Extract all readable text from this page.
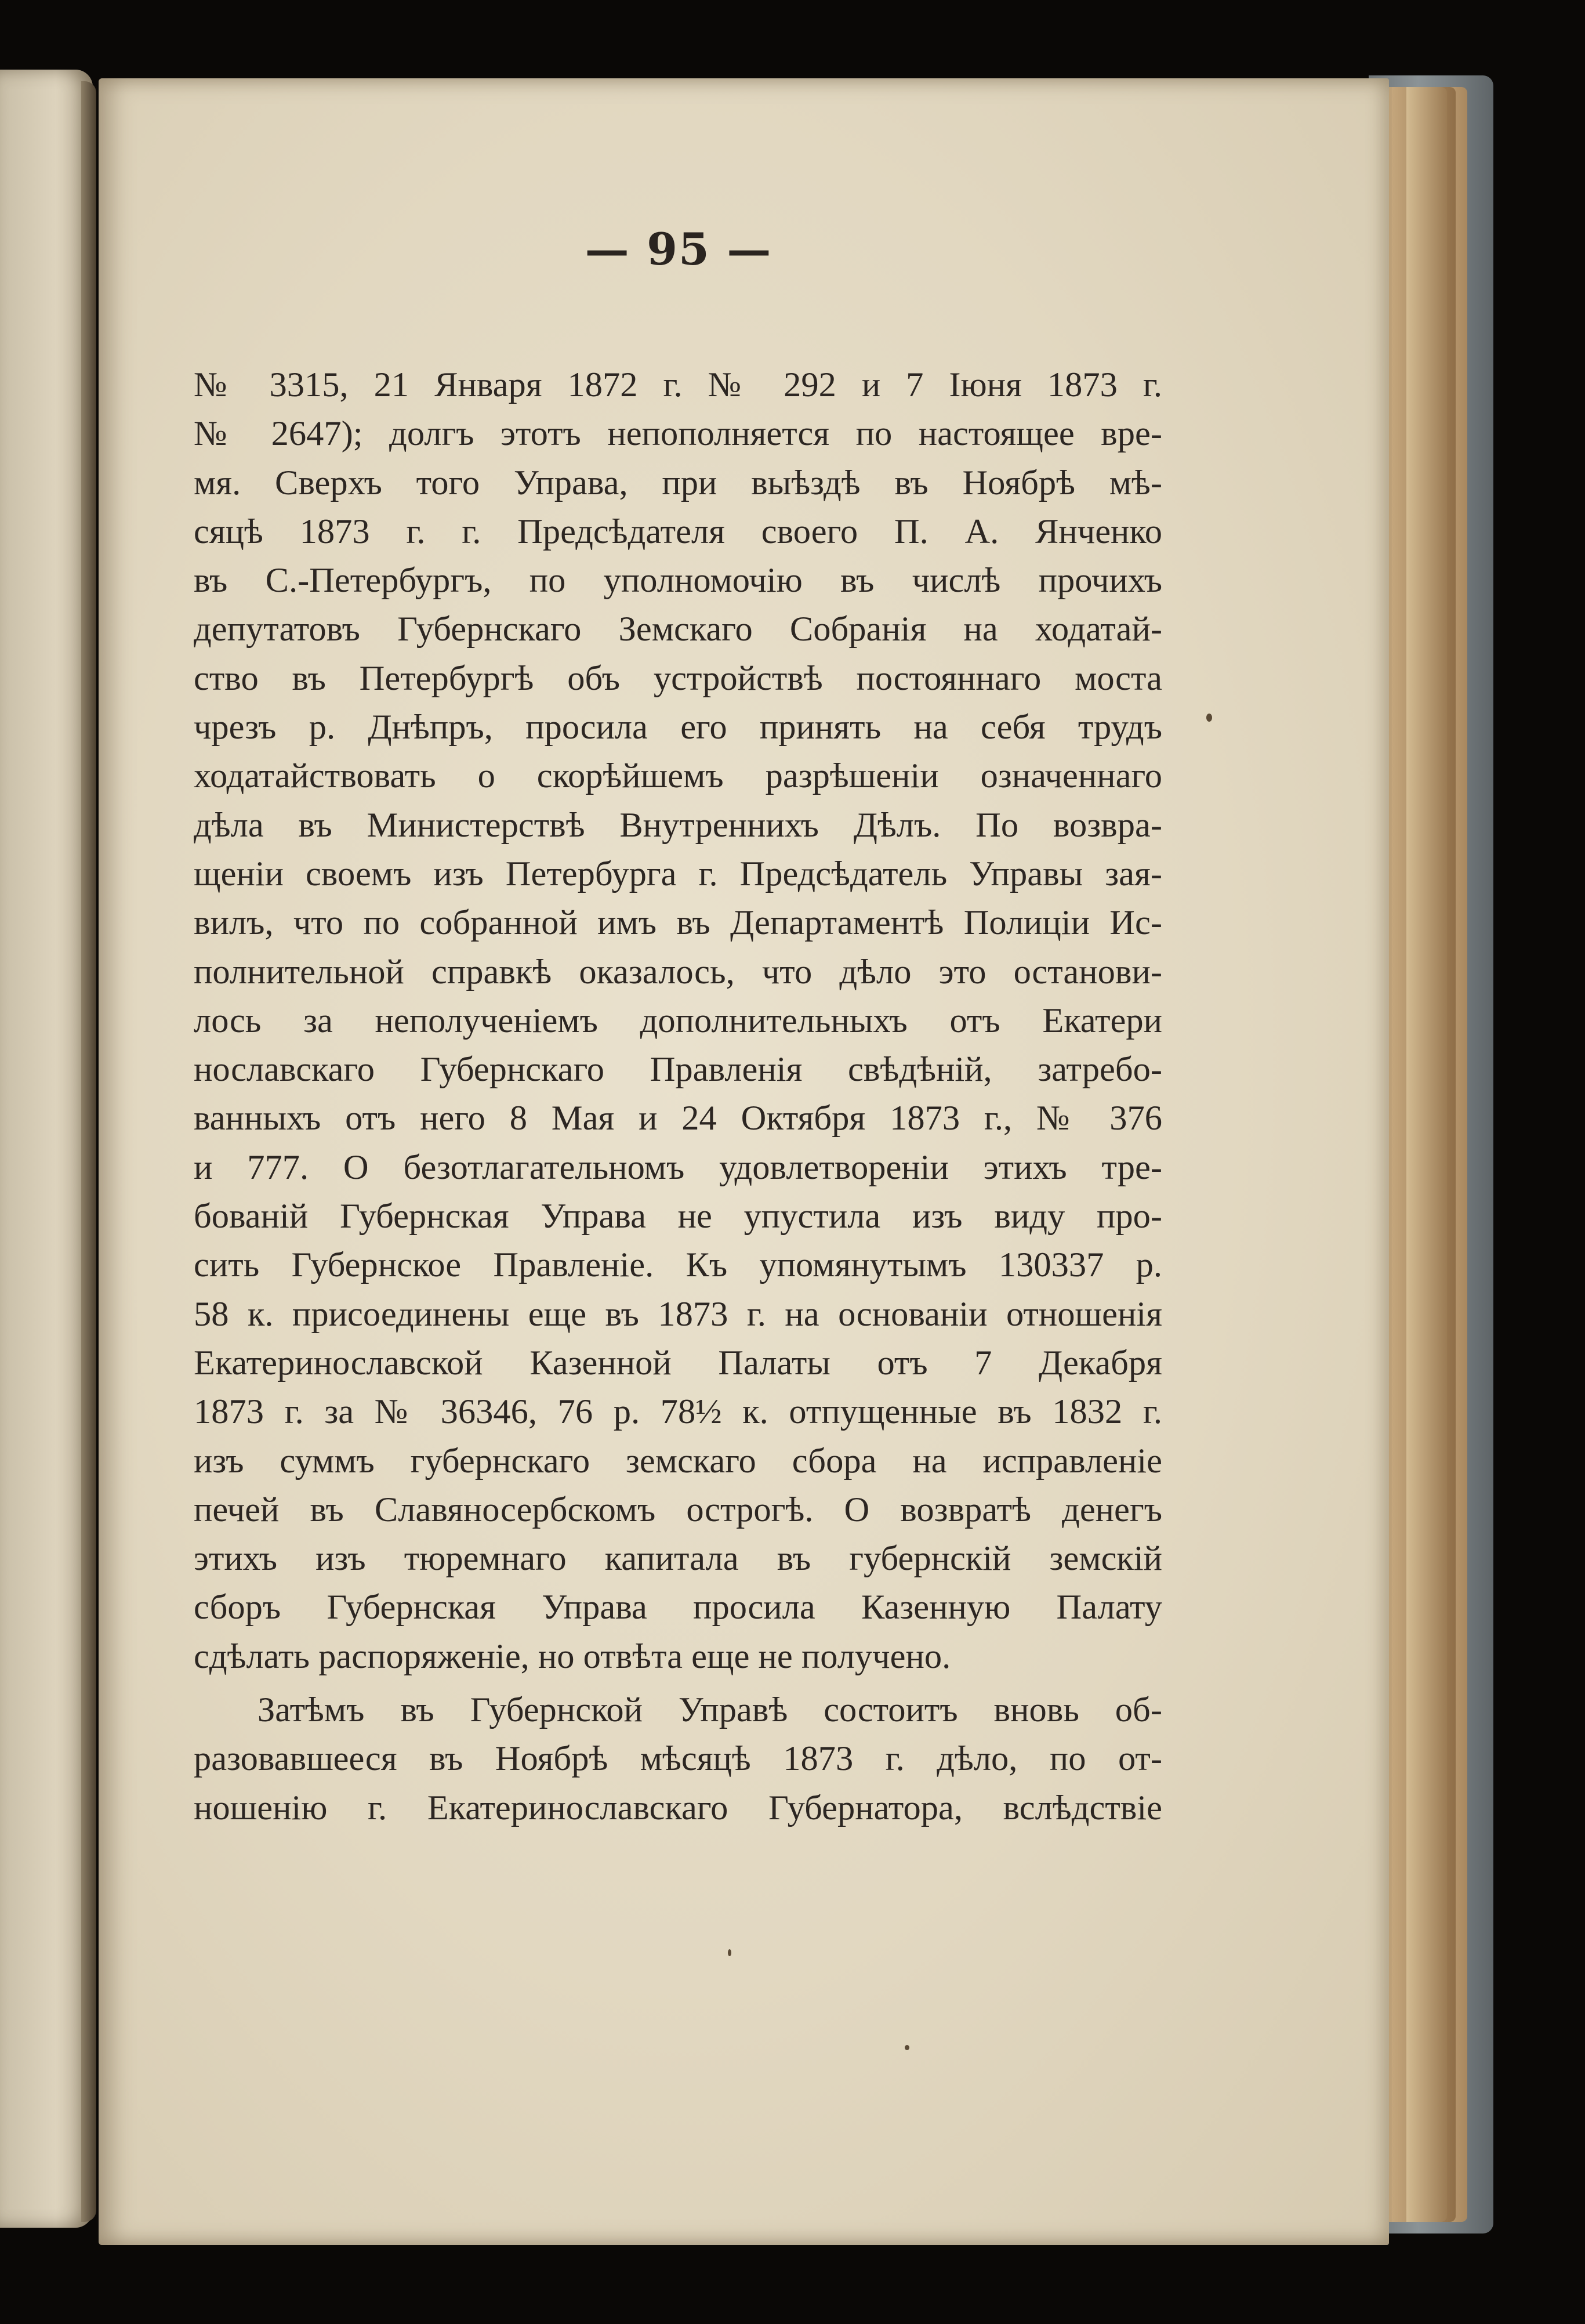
— 95 —
№ 3315, 21 Января 1872 г. № 292 и 7 Іюня 1873 г.
№ 2647); долгъ этотъ непополняется по настоящее вре-
мя. Сверхъ того Управа, при выѣздѣ въ Ноябрѣ мѣ-
сяцѣ 1873 г. г. Предсѣдателя своего П. А. Янченко
въ С.-Петербургъ, по уполномочію въ числѣ прочихъ
депутатовъ Губернскаго Земскаго Собранія на ходатай-
ство въ Петербургѣ объ устройствѣ постояннаго моста
чрезъ р. Днѣпръ, просила его принять на себя трудъ
ходатайствовать о скорѣйшемъ разрѣшеніи означеннаго
дѣла въ Министерствѣ Внутреннихъ Дѣлъ. По возвра-
щеніи своемъ изъ Петербурга г. Предсѣдатель Управы зая-
вилъ, что по собранной имъ въ Департаментѣ Полиціи Ис-
полнительной справкѣ оказалось, что дѣло это останови-
лось за неполученіемъ дополнительныхъ отъ Екатери
нославскаго Губернскаго Правленія свѣдѣній, затребо-
ванныхъ отъ него 8 Мая и 24 Октября 1873 г., № 376
и 777. О безотлагательномъ удовлетвореніи этихъ тре-
бованій Губернская Управа не упустила изъ виду про-
сить Губернское Правленіе. Къ упомянутымъ 130337 р.
58 к. присоединены еще въ 1873 г. на основаніи отношенія
Екатеринославской Казенной Палаты отъ 7 Декабря
1873 г. за № 36346, 76 р. 78½ к. отпущенные въ 1832 г.
изъ суммъ губернскаго земскаго сбора на исправленіе
печей въ Славяносербскомъ острогѣ. О возвратѣ денегъ
этихъ изъ тюремнаго капитала въ губернскій земскій
сборъ Губернская Управа просила Казенную Палату
сдѣлать распоряженіе, но отвѣта еще не получено.
Затѣмъ въ Губернской Управѣ состоитъ вновь об-
разовавшееся въ Ноябрѣ мѣсяцѣ 1873 г. дѣло, по от-
ношенію г. Екатеринославскаго Губернатора, вслѣдствіе
